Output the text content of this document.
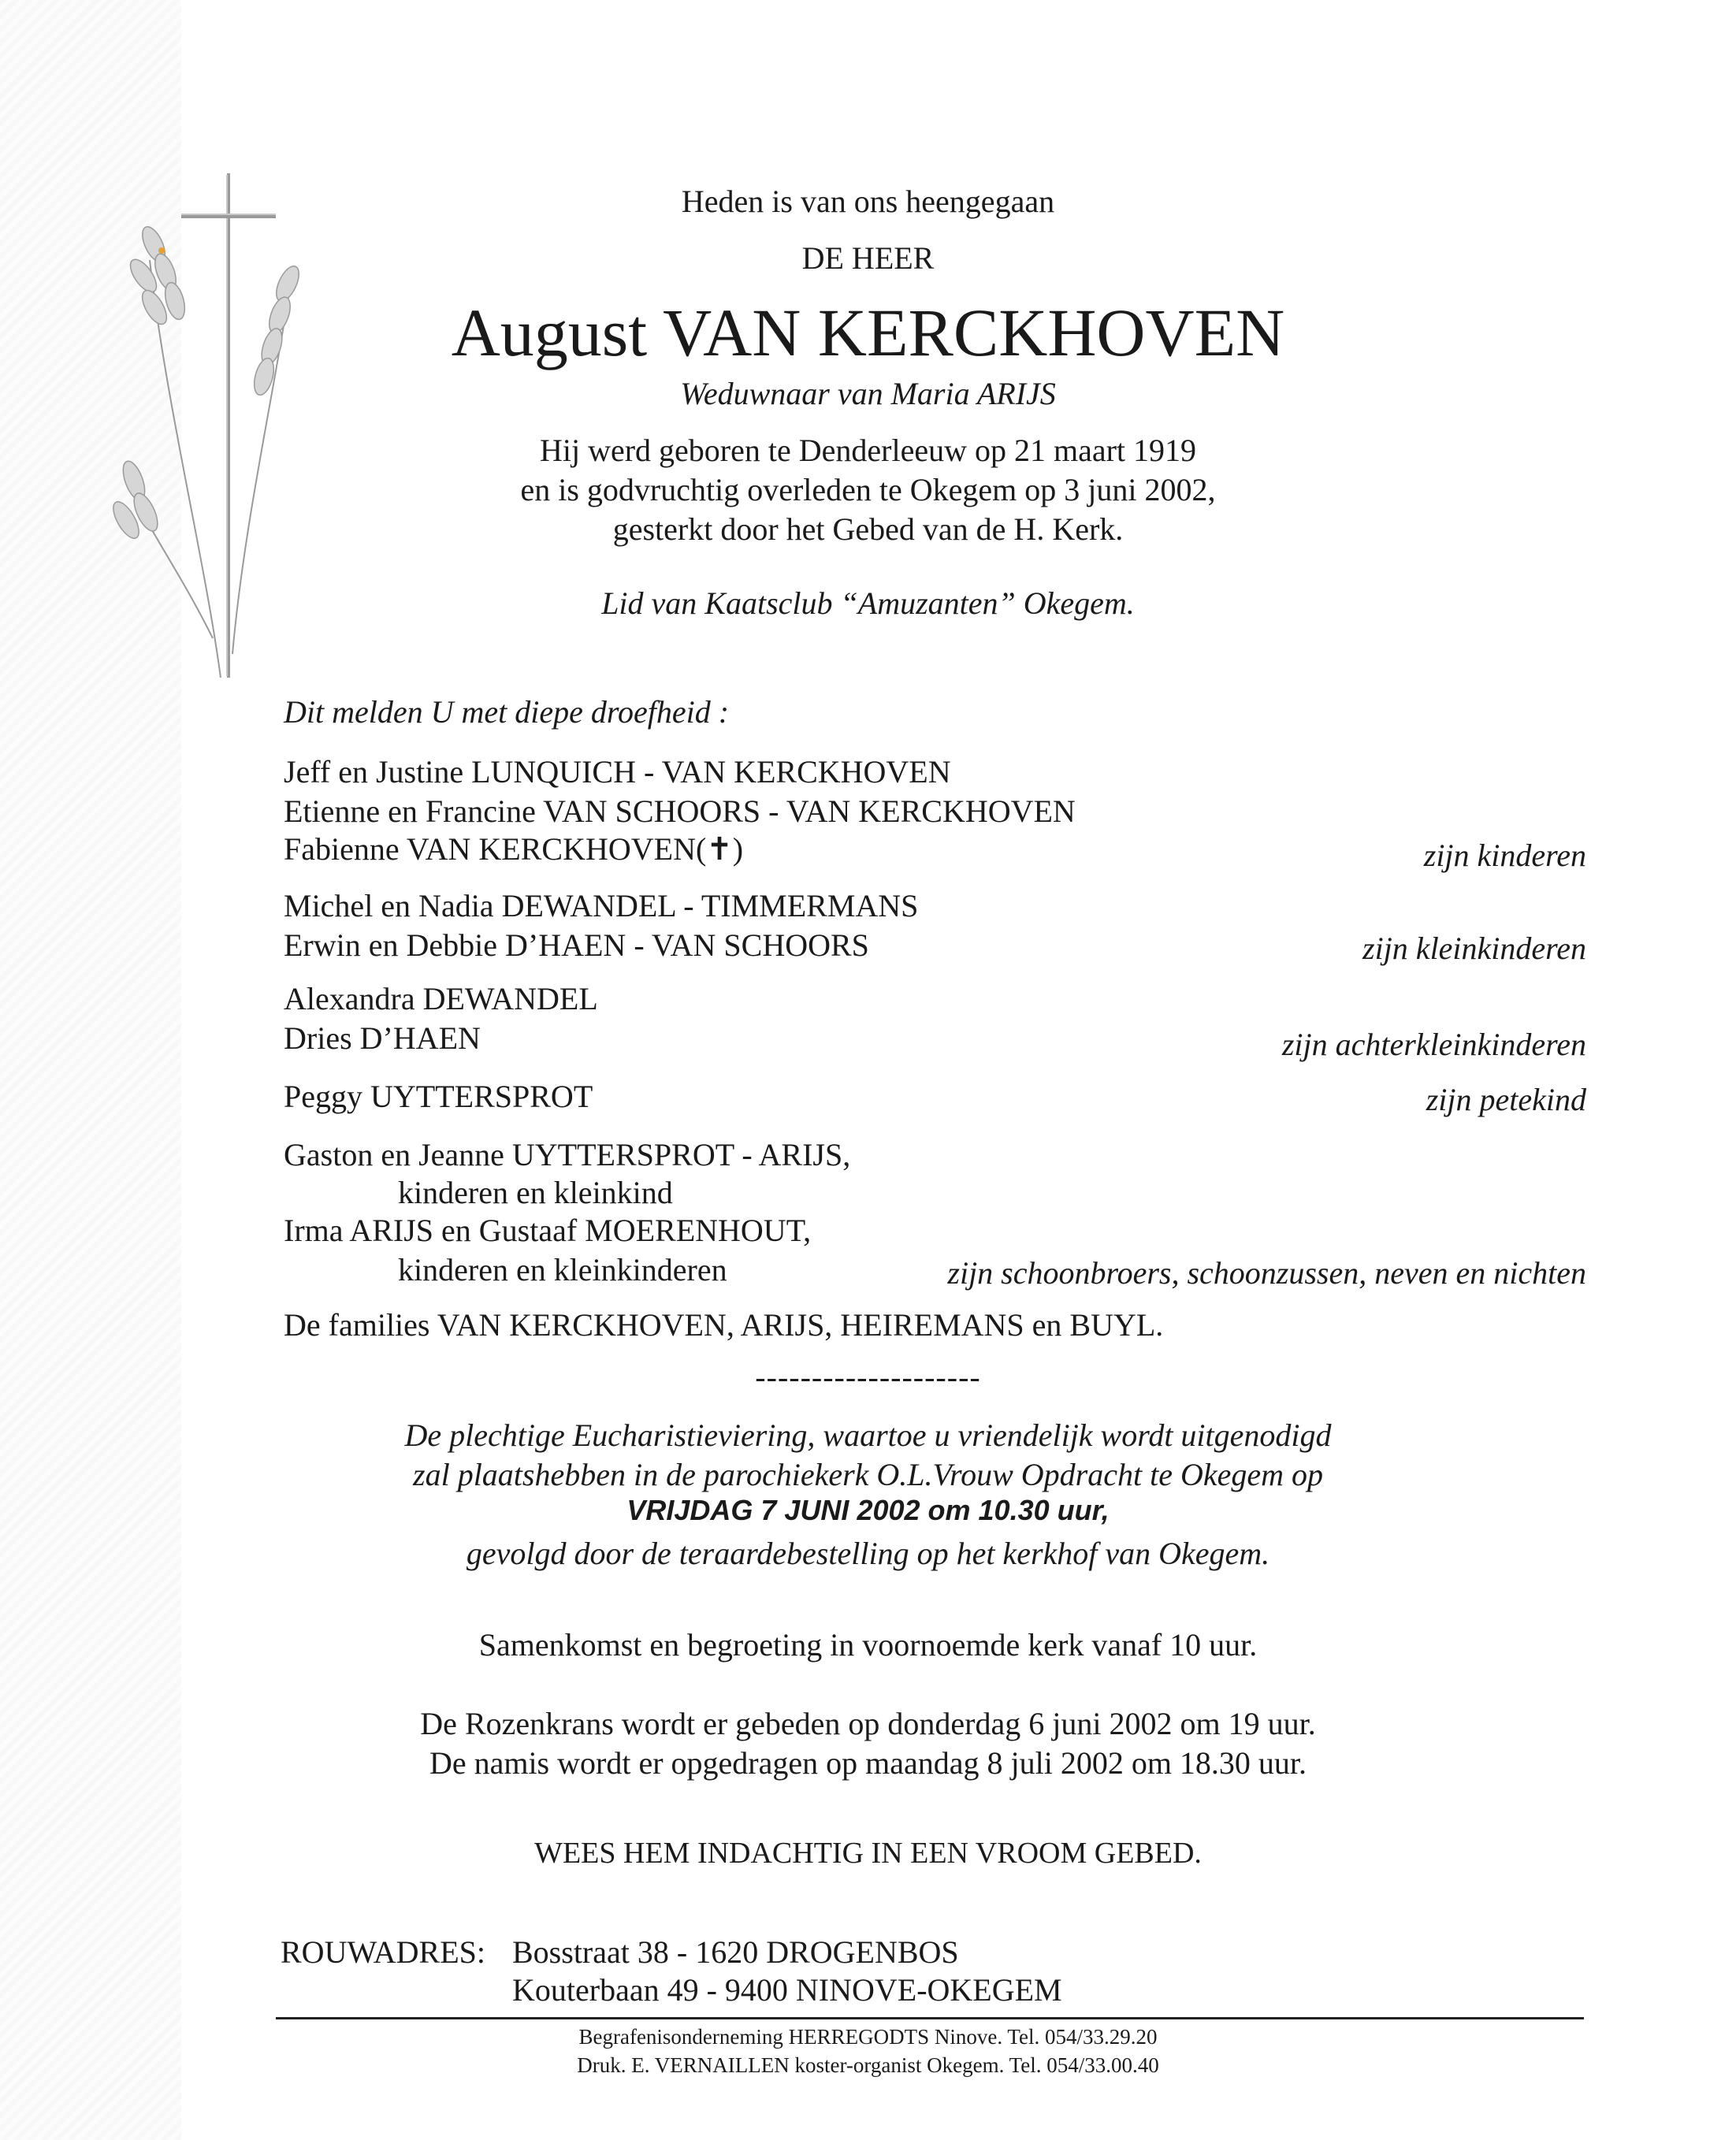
Heden is van ons heengegaan
DE HEER
August VAN KERCKHOVEN
Weduwnaar van Maria ARIJS
Hij werd geboren te Denderleeuw op 21 maart 1919
en is godvruchtig overleden te Okegem op 3 juni 2002,
gesterkt door het Gebed van de H. Kerk.
Lid van Kaatsclub “Amuzanten” Okegem.
Dit melden U met diepe droefheid :
Jeff en Justine LUNQUICH - VAN KERCKHOVEN
Etienne en Francine VAN SCHOORS - VAN KERCKHOVEN
Fabienne VAN KERCKHOVEN(✝)	zijn kinderen
Michel en Nadia DEWANDEL - TIMMERMANS
Erwin en Debbie D’HAEN - VAN SCHOORS	zijn kleinkinderen
Alexandra DEWANDEL
Dries D’HAEN	zijn achterkleinkinderen
Peggy UYTTERSPROT	zijn petekind
Gaston en Jeanne UYTTERSPROT - ARIJS,
kinderen en kleinkind
Irma ARIJS en Gustaaf MOERENHOUT,
kinderen en kleinkinderen	zijn schoonbroers, schoonzussen, neven en nichten
De families VAN KERCKHOVEN, ARIJS, HEIREMANS en BUYL.
--------------------
De plechtige Eucharistieviering, waartoe u vriendelijk wordt uitgenodigd
zal plaatshebben in de parochiekerk O.L.Vrouw Opdracht te Okegem op
VRIJDAG 7 JUNI 2002 om 10.30 uur,
gevolgd door de teraardebestelling op het kerkhof van Okegem.
Samenkomst en begroeting in voornoemde kerk vanaf 10 uur.
De Rozenkrans wordt er gebeden op donderdag 6 juni 2002 om 19 uur.
De namis wordt er opgedragen op maandag 8 juli 2002 om 18.30 uur.
WEES HEM INDACHTIG IN EEN VROOM GEBED.
ROUWADRES: Bosstraat 38 - 1620 DROGENBOS
Kouterbaan 49 - 9400 NINOVE-OKEGEM
Begrafenisonderneming HERREGODTS Ninove. Tel. 054/33.29.20
Druk. E. VERNAILLEN koster-organist Okegem. Tel. 054/33.00.40
